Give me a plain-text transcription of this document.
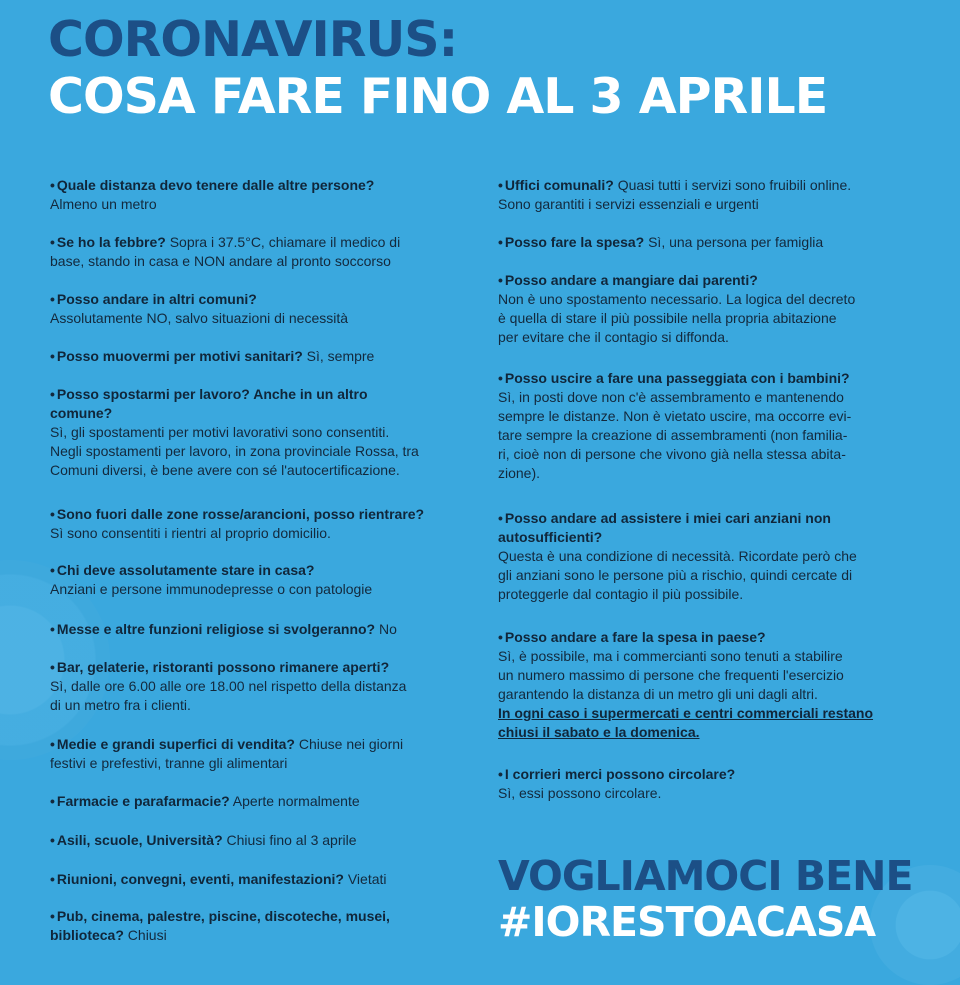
CORONAVIRUS:
COSA FARE FINO AL 3 APRILE

• Quale distanza devo tenere dalle altre persone?

Almeno un metro

• Se ho la febbre? Sopra i 37.5°C, chiamare il medico di

base, stando in casa e NON andare al pronto soccorso

• Posso andare in altri comuni?

Assolutamente NO, salvo situazioni di necessità

• Posso muovermi per motivi sanitari? Sì, sempre

• Posso spostarmi per lavoro? Anche in un altro

comune?

Sì, gli spostamenti per motivi lavorativi sono consentiti.

Negli spostamenti per lavoro, in zona provinciale Rossa, tra

Comuni diversi, è bene avere con sé l'autocertificazione.

• Sono fuori dalle zone rosse/arancioni, posso rientrare?

Sì sono consentiti i rientri al proprio domicilio.

• Chi deve assolutamente stare in casa?

Anziani e persone immunodepresse o con patologie

• Messe e altre funzioni religiose si svolgeranno? No

• Bar, gelaterie, ristoranti possono rimanere aperti?

Sì, dalle ore 6.00 alle ore 18.00 nel rispetto della distanza

di un metro fra i clienti.

• Medie e grandi superfici di vendita? Chiuse nei giorni

festivi e prefestivi, tranne gli alimentari

• Farmacie e parafarmacie? Aperte normalmente

• Asili, scuole, Università? Chiusi fino al 3 aprile

• Riunioni, convegni, eventi, manifestazioni? Vietati

• Pub, cinema, palestre, piscine, discoteche, musei,

biblioteca? Chiusi

• Uffici comunali? Quasi tutti i servizi sono fruibili online.

Sono garantiti i servizi essenziali e urgenti

• Posso fare la spesa? Sì, una persona per famiglia

• Posso andare a mangiare dai parenti?

Non è uno spostamento necessario. La logica del decreto

è quella di stare il più possibile nella propria abitazione

per evitare che il contagio si diffonda.

• Posso uscire a fare una passeggiata con i bambini?

Sì, in posti dove non c'è assembramento e mantenendo

sempre le distanze. Non è vietato uscire, ma occorre evi-

tare sempre la creazione di assembramenti (non familia-

ri, cioè non di persone che vivono già nella stessa abita-

zione).

• Posso andare ad assistere i miei cari anziani non

autosufficienti?

Questa è una condizione di necessità. Ricordate però che

gli anziani sono le persone più a rischio, quindi cercate di

proteggerle dal contagio il più possibile.

• Posso andare a fare la spesa in paese?

Sì, è possibile, ma i commercianti sono tenuti a stabilire

un numero massimo di persone che frequenti l'esercizio

garantendo la distanza di un metro gli uni dagli altri.

In ogni caso i supermercati e centri commerciali restano

chiusi il sabato e la domenica.

• I corrieri merci possono circolare?

Sì, essi possono circolare.

VOGLIAMOCI BENE
#IORESTOACASA
